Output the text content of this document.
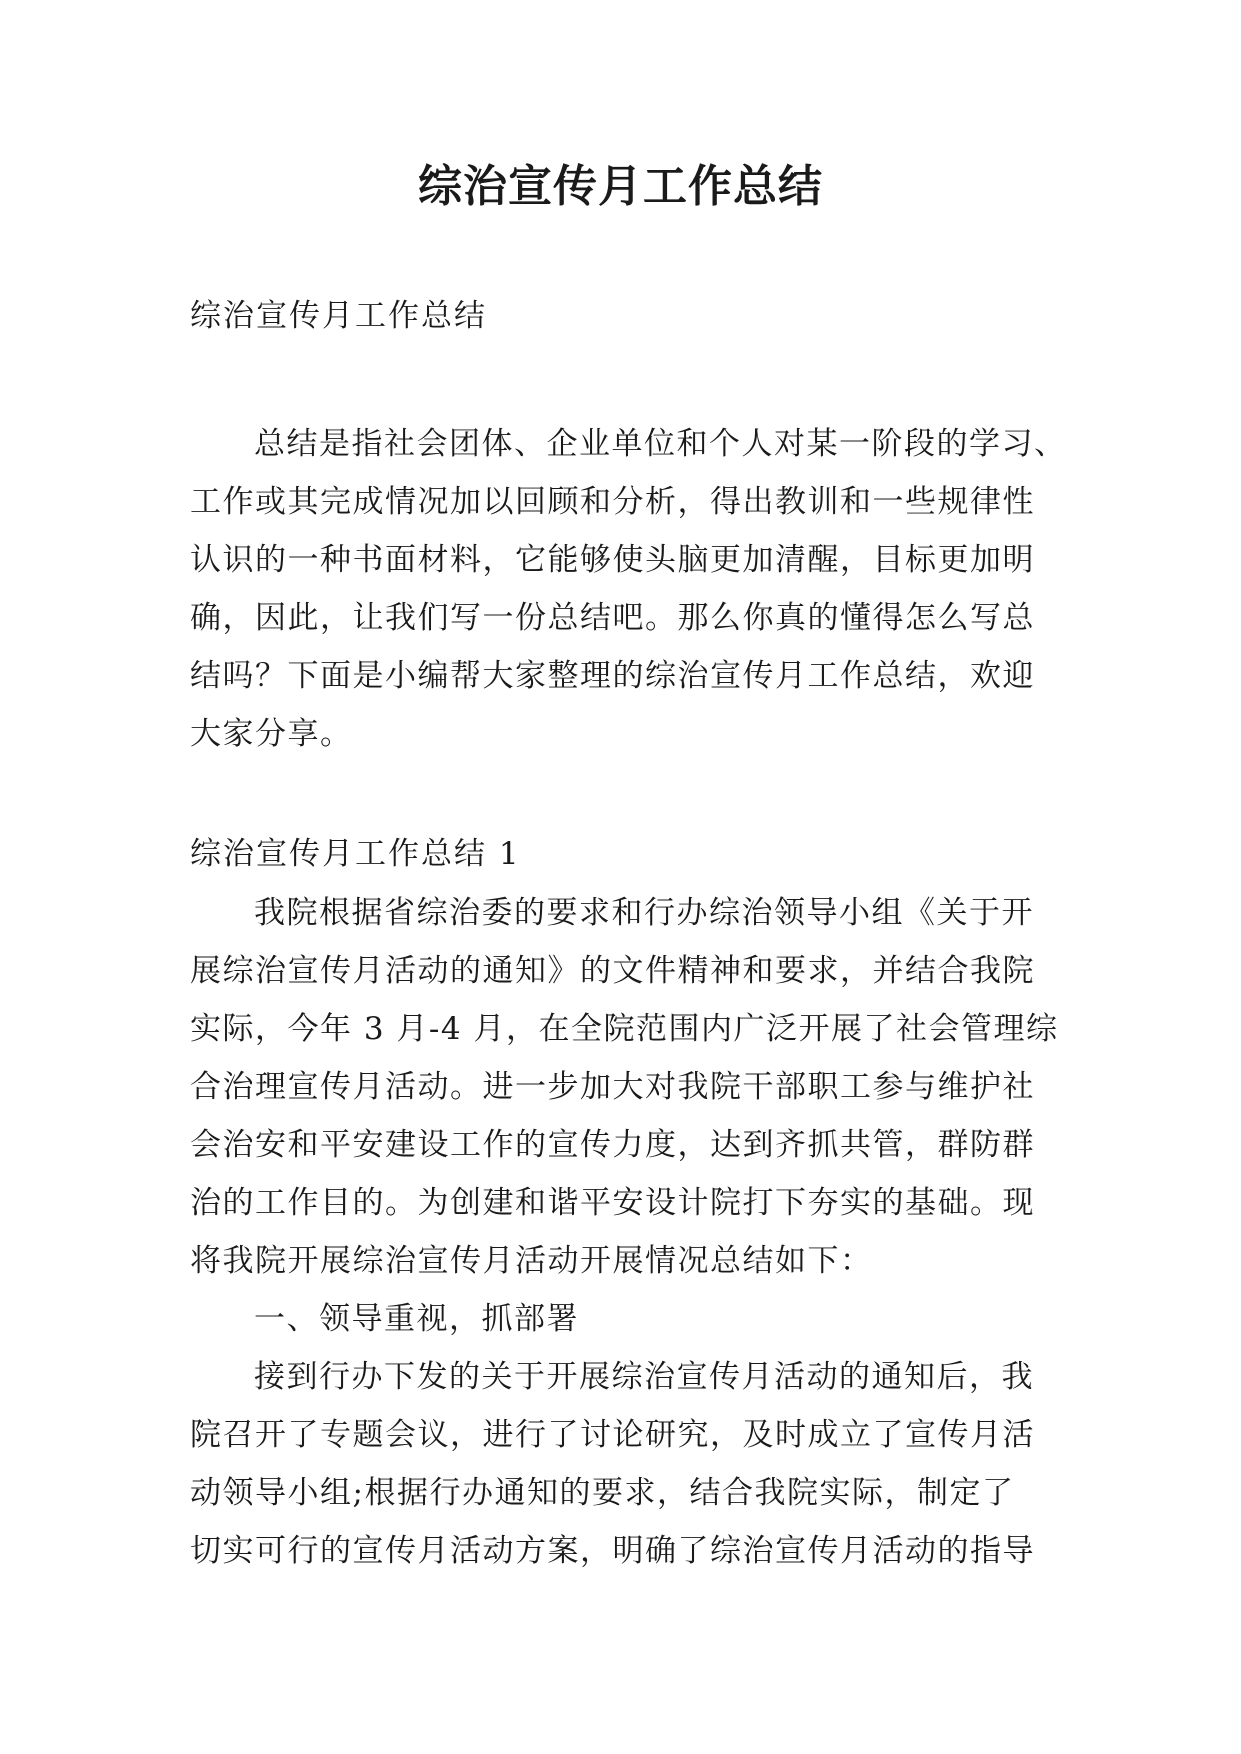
综治宣传月工作总结

综治宣传月工作总结

总结是指社会团体、企业单位和个人对某一阶段的学习、
工作或其完成情况加以回顾和分析，得出教训和一些规律性
认识的一种书面材料，它能够使头脑更加清醒，目标更加明
确，因此，让我们写一份总结吧。那么你真的懂得怎么写总
结吗？下面是小编帮大家整理的综治宣传月工作总结，欢迎
大家分享。

综治宣传月工作总结 1

我院根据省综治委的要求和行办综治领导小组《关于开
展综治宣传月活动的通知》的文件精神和要求，并结合我院
实际，今年 3 月-4 月，在全院范围内广泛开展了社会管理综
合治理宣传月活动。进一步加大对我院干部职工参与维护社
会治安和平安建设工作的宣传力度，达到齐抓共管，群防群
治的工作目的。为创建和谐平安设计院打下夯实的基础。现
将我院开展综治宣传月活动开展情况总结如下：
一、领导重视，抓部署
接到行办下发的关于开展综治宣传月活动的通知后，我
院召开了专题会议，进行了讨论研究，及时成立了宣传月活
动领导小组;根据行办通知的要求，结合我院实际，制定了
切实可行的宣传月活动方案，明确了综治宣传月活动的指导
